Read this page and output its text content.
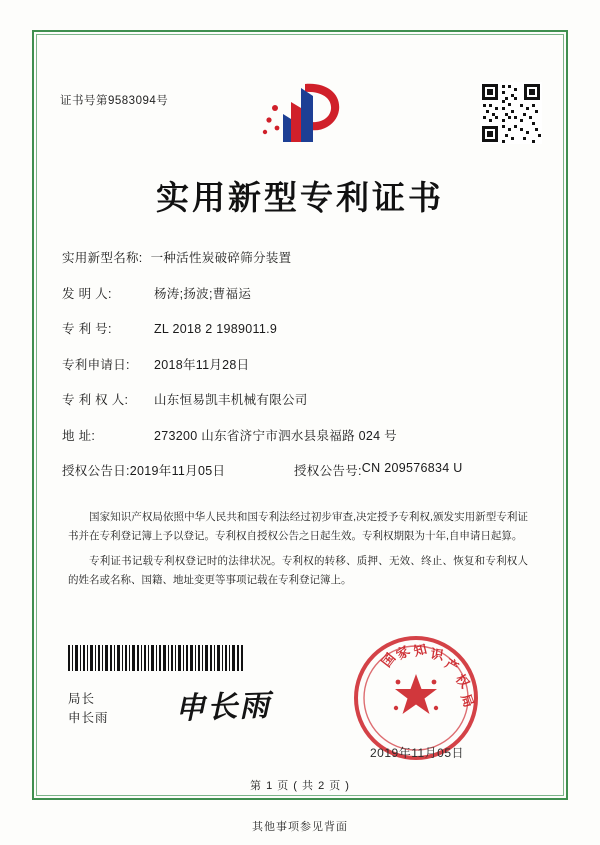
证书号第9583094号
实用新型专利证书
实用新型名称: 一种活性炭破碎筛分装置
发 明 人:	杨涛;扬波;曹福运
专 利 号:	ZL 2018 2 1989011.9
专利申请日:	2018年11月28日
专 利 权 人:	山东恒易凯丰机械有限公司
地 址:	273200 山东省济宁市泗水县泉福路 024 号
授权公告日: 2019年11月05日	授权公告号: CN 209576834 U

国家知识产权局依照中华人民共和国专利法经过初步审查,决定授予专利权,颁发实用新型专利证书并在专利登记簿上予以登记。专利权自授权公告之日起生效。专利权期限为十年,自申请日起算。

专利证书记载专利权登记时的法律状况。专利权的转移、质押、无效、终止、恢复和专利权人的姓名或名称、国籍、地址变更等事项记载在专利登记簿上。

局长
申长雨 申长雨
国
家 知 识
产
权
局
2019年11月05日
第 1 页 ( 共 2 页 )
其他事项参见背面
